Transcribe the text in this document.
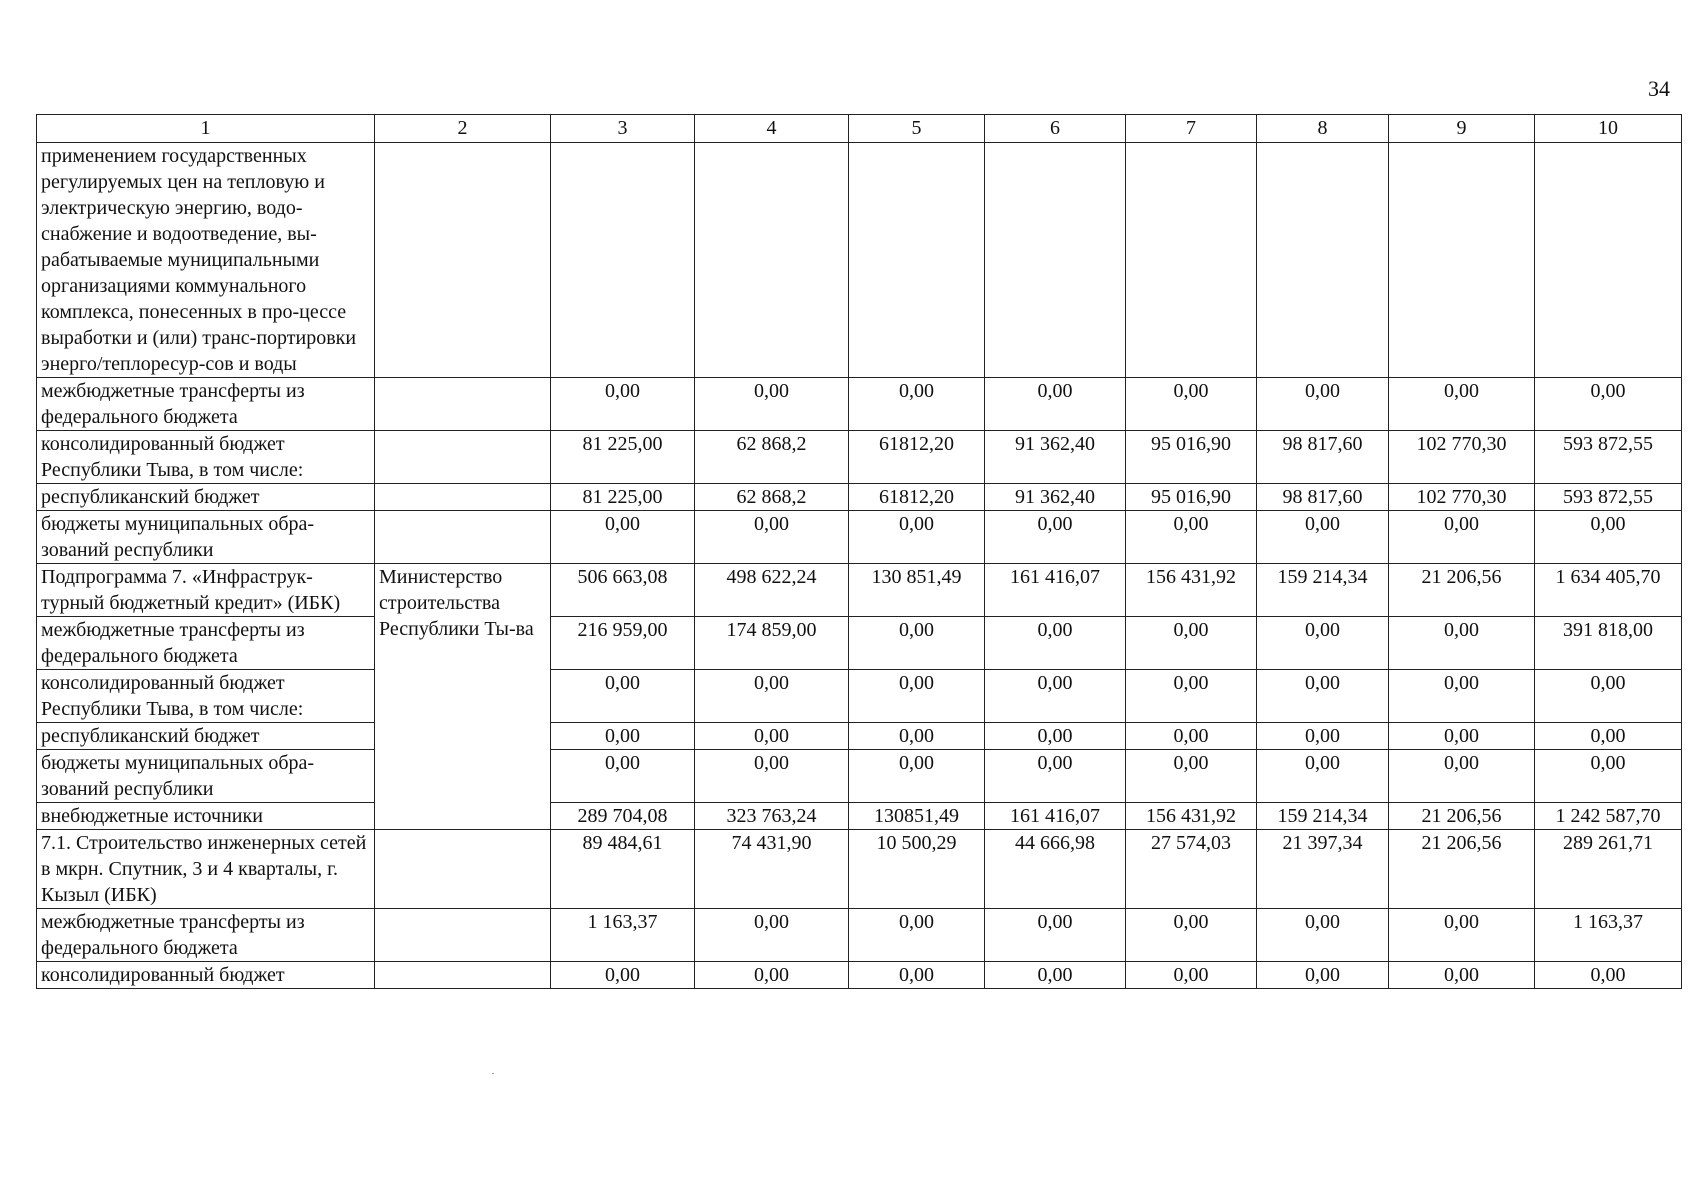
34
1	2	3	4	5	6	7	8	9	10
применением государственных регулируемых цен на тепловую и электрическую энергию, водо-снабжение и водоотведение, вы-рабатываемые муниципальными организациями коммунального комплекса, понесенных в про-цессе выработки и (или) транс-портировки энерго/теплоресур-сов и воды									
межбюджетные трансферты из федерального бюджета		0,00	0,00	0,00	0,00	0,00	0,00	0,00	0,00
консолидированный бюджет Республики Тыва, в том числе:		81 225,00	62 868,2	61812,20	91 362,40	95 016,90	98 817,60	102 770,30	593 872,55
республиканский бюджет		81 225,00	62 868,2	61812,20	91 362,40	95 016,90	98 817,60	102 770,30	593 872,55
бюджеты муниципальных обра-зований республики		0,00	0,00	0,00	0,00	0,00	0,00	0,00	0,00
Подпрограмма 7. «Инфраструк-турный бюджетный кредит» (ИБК)	Министерство строительства Республики Ты-ва	506 663,08	498 622,24	130 851,49	161 416,07	156 431,92	159 214,34	21 206,56	1 634 405,70
межбюджетные трансферты из федерального бюджета		216 959,00	174 859,00	0,00	0,00	0,00	0,00	0,00	391 818,00
консолидированный бюджет Республики Тыва, в том числе:		0,00	0,00	0,00	0,00	0,00	0,00	0,00	0,00
республиканский бюджет		0,00	0,00	0,00	0,00	0,00	0,00	0,00	0,00
бюджеты муниципальных обра-зований республики		0,00	0,00	0,00	0,00	0,00	0,00	0,00	0,00
внебюджетные источники		289 704,08	323 763,24	130851,49	161 416,07	156 431,92	159 214,34	21 206,56	1 242 587,70
7.1. Строительство инженерных сетей в мкрн. Спутник, 3 и 4 кварталы, г. Кызыл (ИБК)		89 484,61	74 431,90	10 500,29	44 666,98	27 574,03	21 397,34	21 206,56	289 261,71
межбюджетные трансферты из федерального бюджета		1 163,37	0,00	0,00	0,00	0,00	0,00	0,00	1 163,37
консолидированный бюджет		0,00	0,00	0,00	0,00	0,00	0,00	0,00	0,00
